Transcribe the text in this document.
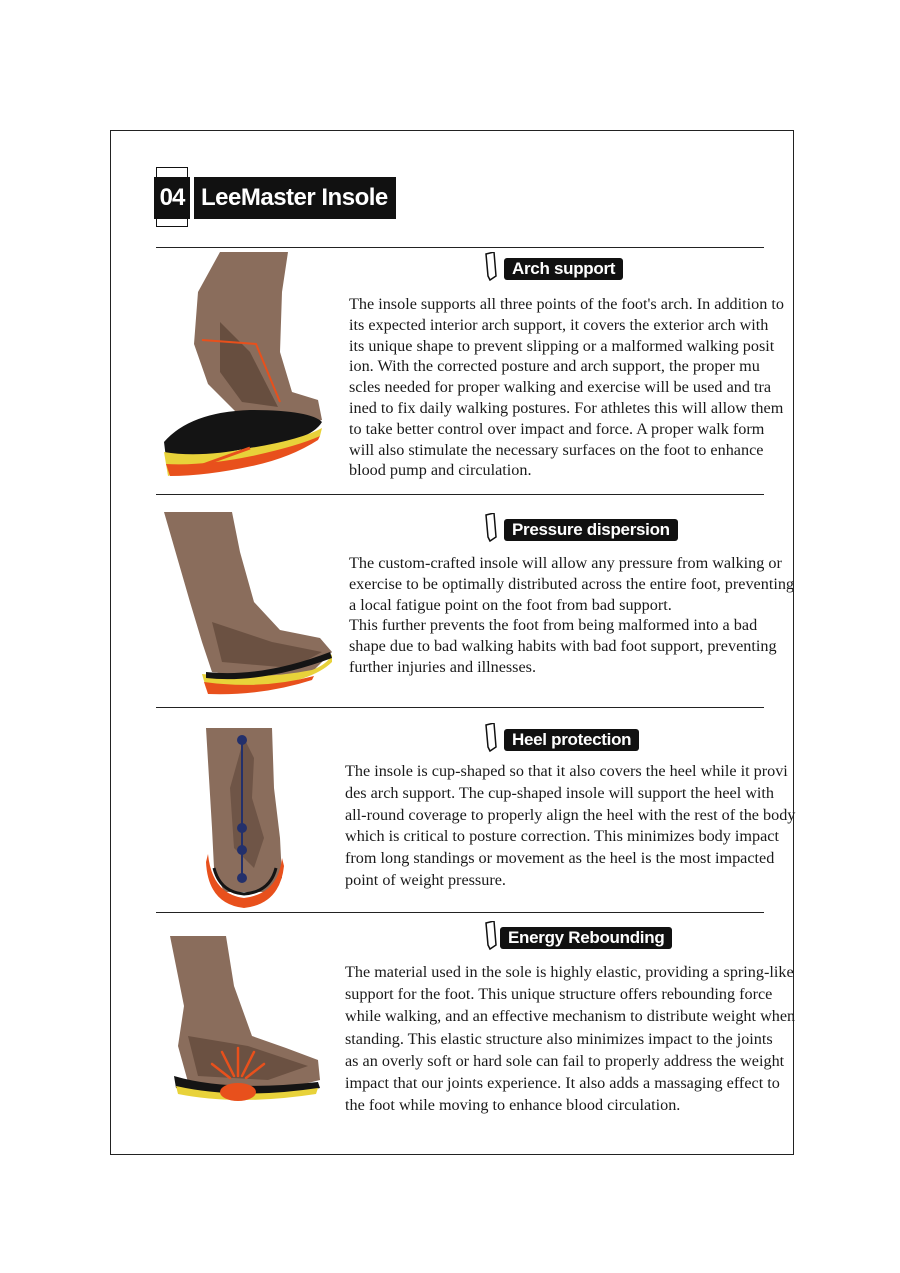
04 LeeMaster Insole
Arch support
The insole supports all three points of the foot's arch. In addition to
its expected interior arch support, it covers the exterior arch with
its unique shape to prevent slipping or a malformed walking posit
ion. With the corrected posture and arch support, the proper mu
scles needed for proper walking and exercise will be used and tra
ined to fix daily walking postures. For athletes this will allow them
to take better control over impact and force. A proper walk form
will also stimulate the necessary surfaces on the foot to enhance
blood pump and circulation.
Pressure dispersion
The custom-crafted insole will allow any pressure from walking or
exercise to be optimally distributed across the entire foot, preventing
a local fatigue point on the foot from bad support.
This further prevents the foot from being malformed into a bad
shape due to bad walking habits with bad foot support, preventing
further injuries and illnesses.
Heel protection
The insole is cup-shaped so that it also covers the heel while it provi
des arch support. The cup-shaped insole will support the heel with
all-round coverage to properly align the heel with the rest of the body
which is critical to posture correction. This minimizes body impact
from long standings or movement as the heel is the most impacted
point of weight pressure.
Energy Rebounding
The material used in the sole is highly elastic, providing a spring-like
support for the foot. This unique structure offers rebounding force
while walking, and an effective mechanism to distribute weight when
standing. This elastic structure also minimizes impact to the joints
as an overly soft or hard sole can fail to properly address the weight
impact that our joints experience. It also adds a massaging effect to
the foot while moving to enhance blood circulation.
